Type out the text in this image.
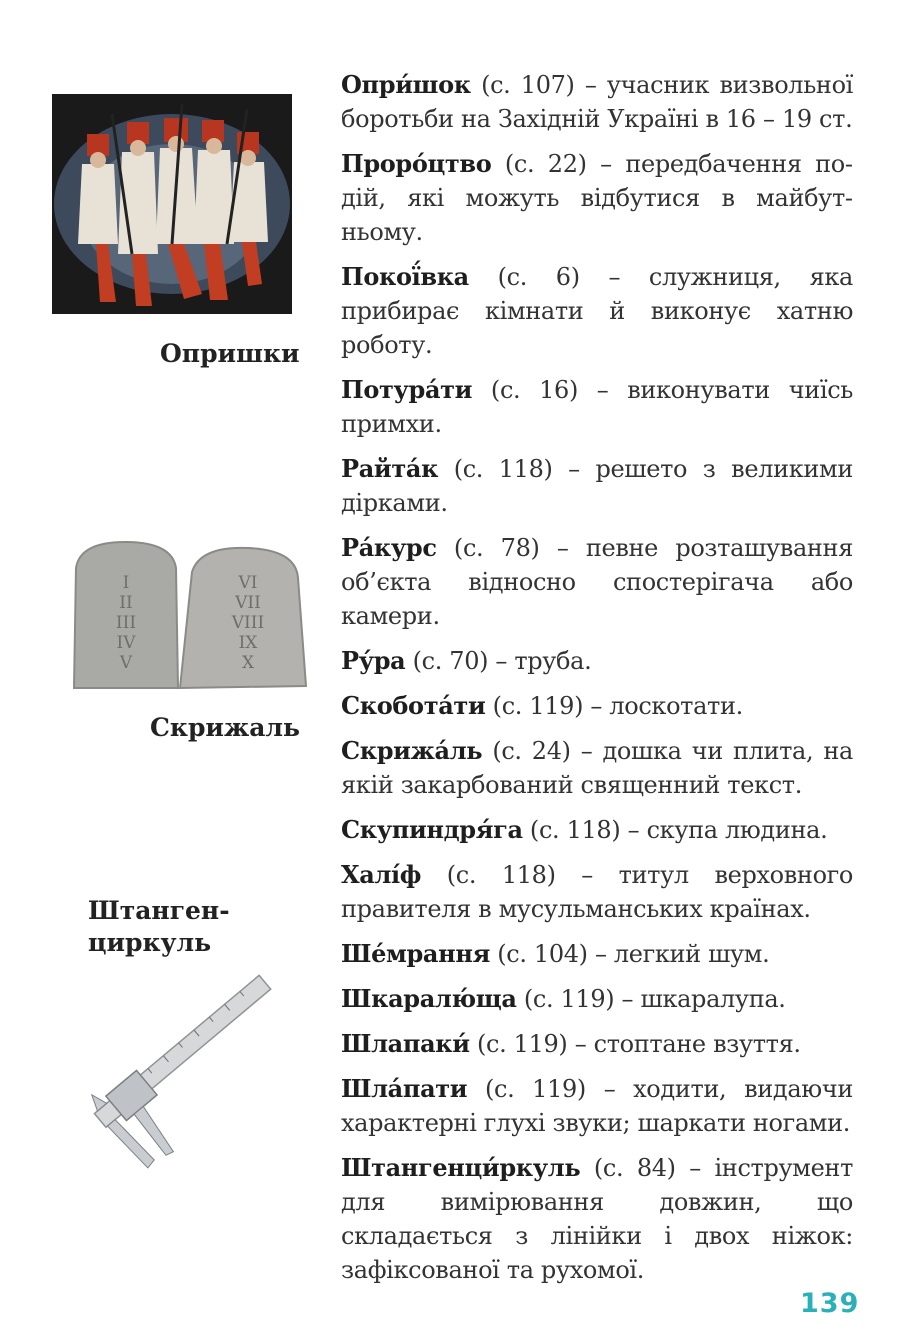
Опришки
I
II
III
IV
V
VI
VII
VIII
IX
X
Скрижаль
Штанген-
циркуль
Опри́шок (с. 107) – учасник визвольної боротьби на Західній Україні в 16 – 19 ст.
Проро́цтво (с. 22) – передбачення подій, які можуть відбутися в майбутньому.
Покої́вка (с. 6) – служниця, яка прибирає кімнати й виконує хатню роботу.
Потура́ти (с. 16) – виконувати чиїсь примхи.
Райта́к (с. 118) – решето з великими дірками.
Ра́курс (с. 78) – певне розташування об’єкта відносно спостерігача або камери.
Ру́ра (с. 70) – труба.
Скобота́ти (с. 119) – лоскотати.
Скрижа́ль (с. 24) – дошка чи плита, на якій закарбований священний текст.
Скупиндря́га (с. 118) – скупа людина.
Халі́ф (с. 118) – титул верховного правителя в мусульманських країнах.
Ше́мрання (с. 104) – легкий шум.
Шкаралю́ща (с. 119) – шкаралупа.
Шлапаки́ (с. 119) – стоптане взуття.
Шла́пати (с. 119) – ходити, видаючи характерні глухі звуки; шаркати ногами.
Штангенци́ркуль (с. 84) – інструмент для вимірювання довжин, що складається з лінійки і двох ніжок: зафіксованої та рухомої.
139
